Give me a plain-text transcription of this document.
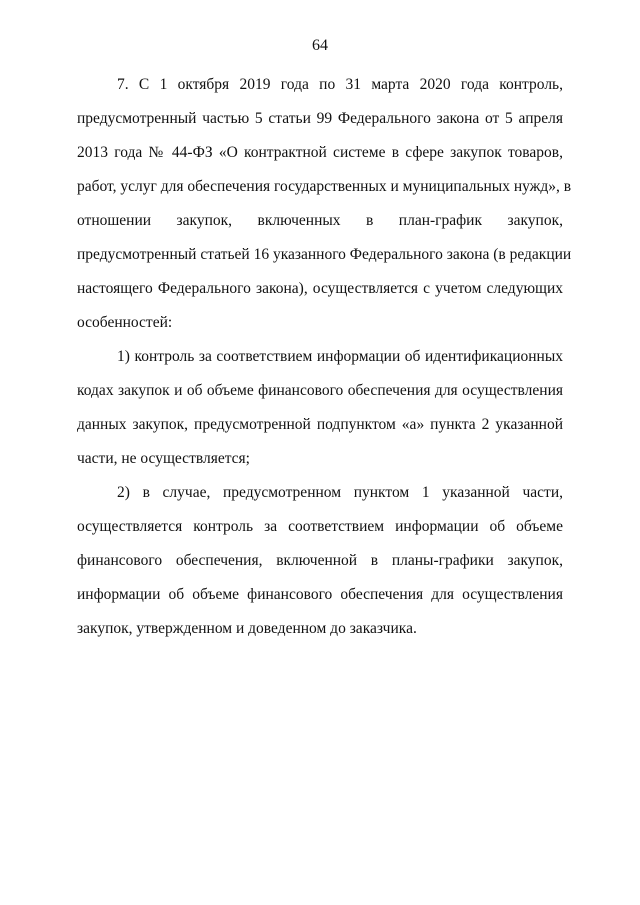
64
7. С 1 октября 2019 года по 31 марта 2020 года контроль,
предусмотренный частью 5 статьи 99 Федерального закона от 5 апреля
2013 года № 44-ФЗ «О контрактной системе в сфере закупок товаров,
работ, услуг для обеспечения государственных и муниципальных нужд», в
отношении закупок, включенных в план-график закупок,
предусмотренный статьей 16 указанного Федерального закона (в редакции
настоящего Федерального закона), осуществляется с учетом следующих
особенностей:
1) контроль за соответствием информации об идентификационных
кодах закупок и об объеме финансового обеспечения для осуществления
данных закупок, предусмотренной подпунктом «а» пункта 2 указанной
части, не осуществляется;
2) в случае, предусмотренном пунктом 1 указанной части,
осуществляется контроль за соответствием информации об объеме
финансового обеспечения, включенной в планы-графики закупок,
информации об объеме финансового обеспечения для осуществления
закупок, утвержденном и доведенном до заказчика.
